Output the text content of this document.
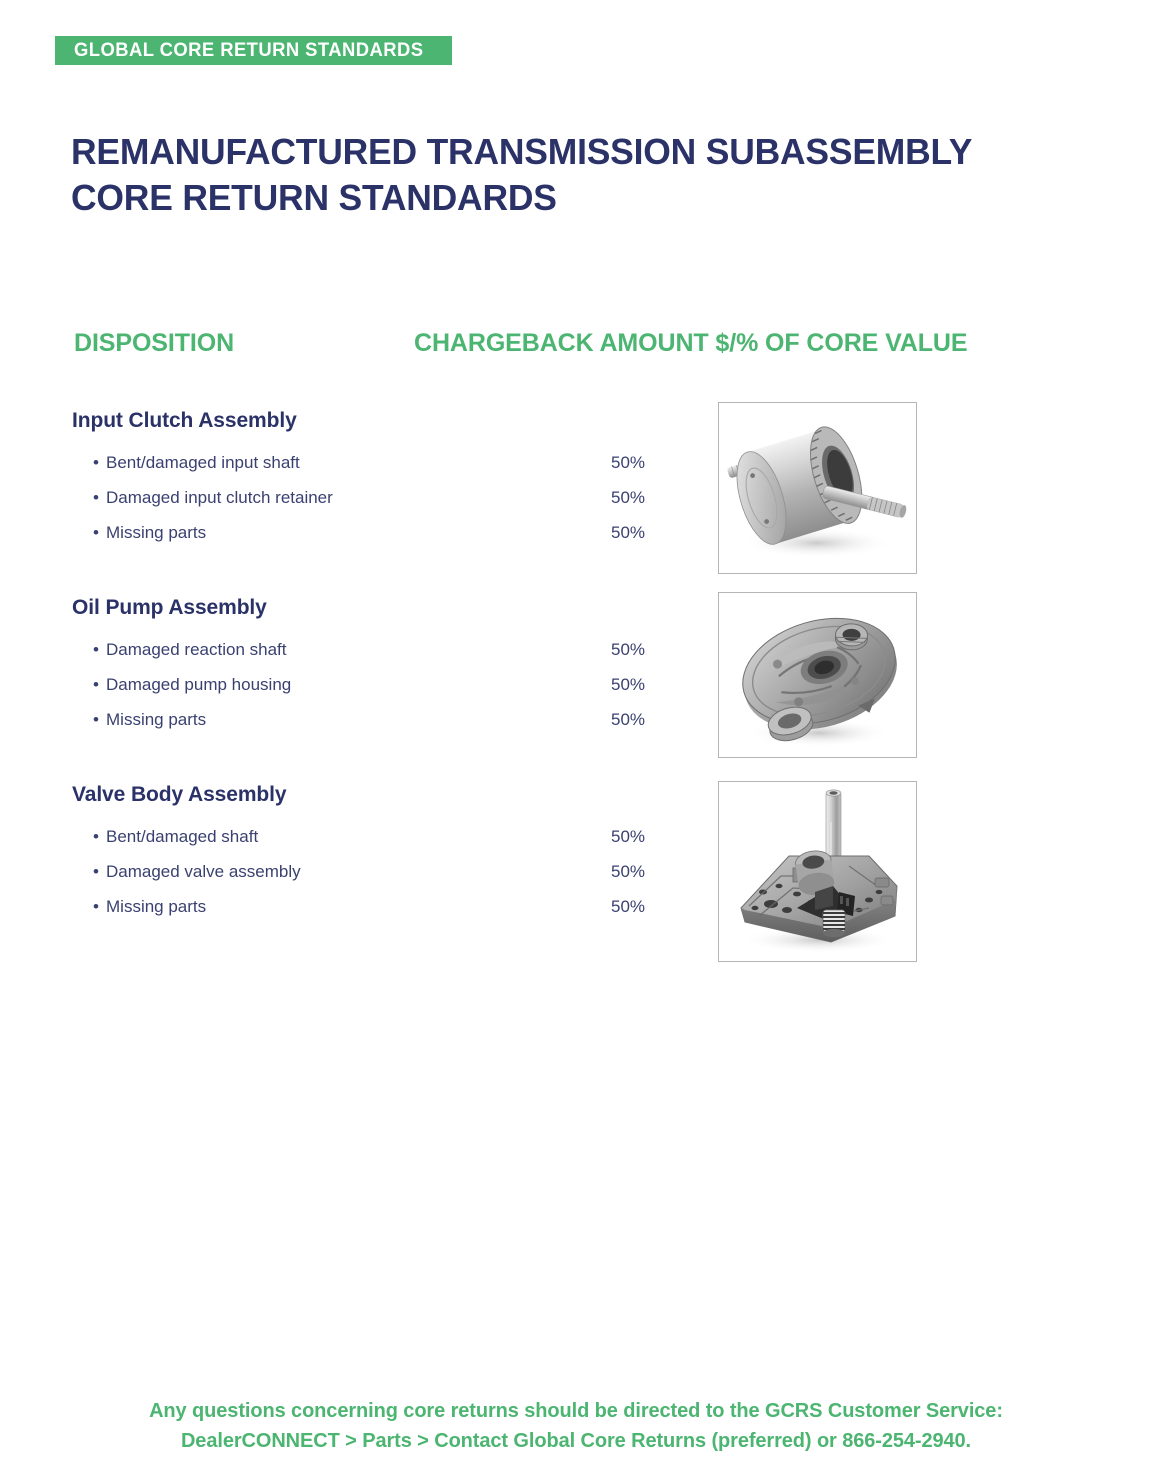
GLOBAL CORE RETURN STANDARDS
REMANUFACTURED TRANSMISSION SUBASSEMBLY
CORE RETURN STANDARDS
DISPOSITION	CHARGEBACK AMOUNT $/% OF CORE VALUE
Input Clutch Assembly
• Bent/damaged input shaft	50%
• Damaged input clutch retainer	50%
• Missing parts	50%
Oil Pump Assembly
• Damaged reaction shaft	50%
• Damaged pump housing	50%
• Missing parts	50%
Valve Body Assembly
• Bent/damaged shaft	50%
• Damaged valve assembly	50%
• Missing parts	50%
Any questions concerning core returns should be directed to the GCRS Customer Service:
DealerCONNECT > Parts > Contact Global Core Returns (preferred) or 866-254-2940.
